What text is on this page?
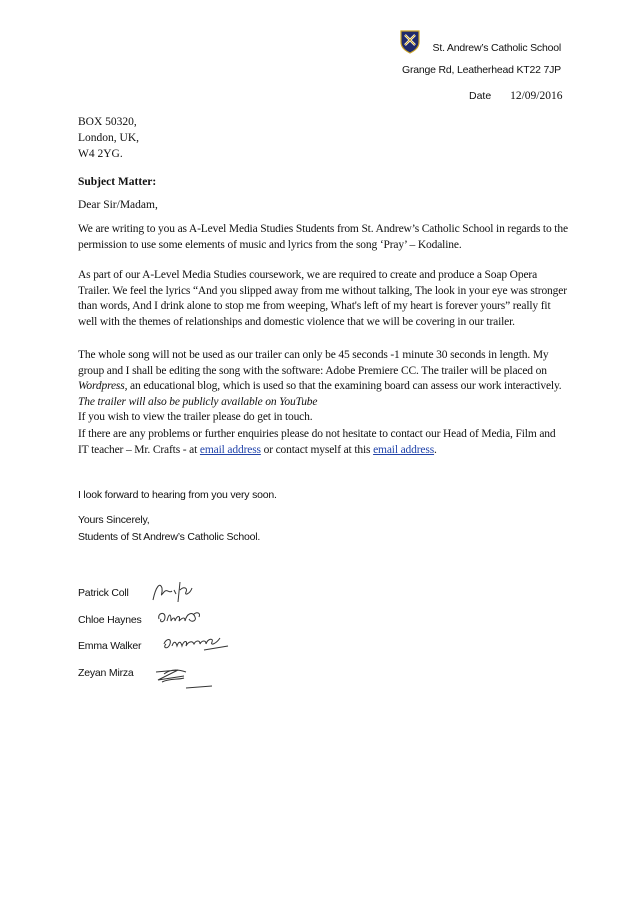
St. Andrew’s Catholic School
Grange Rd, Leatherhead KT22 7JP
Date 12/09/2016
BOX 50320,
London, UK,
W4 2YG.
Subject Matter:
Dear Sir/Madam,
We are writing to you as A-Level Media Studies Students from St. Andrew’s Catholic School in regards to the permission to use some elements of music and lyrics from the song ‘Pray’ – Kodaline.
As part of our A-Level Media Studies coursework, we are required to create and produce a Soap Opera Trailer. We feel the lyrics “And you slipped away from me without talking, The look in your eye was stronger than words, And I drink alone to stop me from weeping, What's left of my heart is forever yours” really fit well with the themes of relationships and domestic violence that we will be covering in our trailer.
The whole song will not be used as our trailer can only be 45 seconds -1 minute 30 seconds in length. My group and I shall be editing the song with the software: Adobe Premiere CC. The trailer will be placed on Wordpress, an educational blog, which is used so that the examining board can assess our work interactively. The trailer will also be publicly available on YouTube
If you wish to view the trailer please do get in touch.
If there are any problems or further enquiries please do not hesitate to contact our Head of Media, Film and IT teacher – Mr. Crafts - at email address or contact myself at this email address.
I look forward to hearing from you very soon.
Yours Sincerely,
Students of St Andrew’s Catholic School.
Patrick Coll
Chloe Haynes
Emma Walker
Zeyan Mirza
